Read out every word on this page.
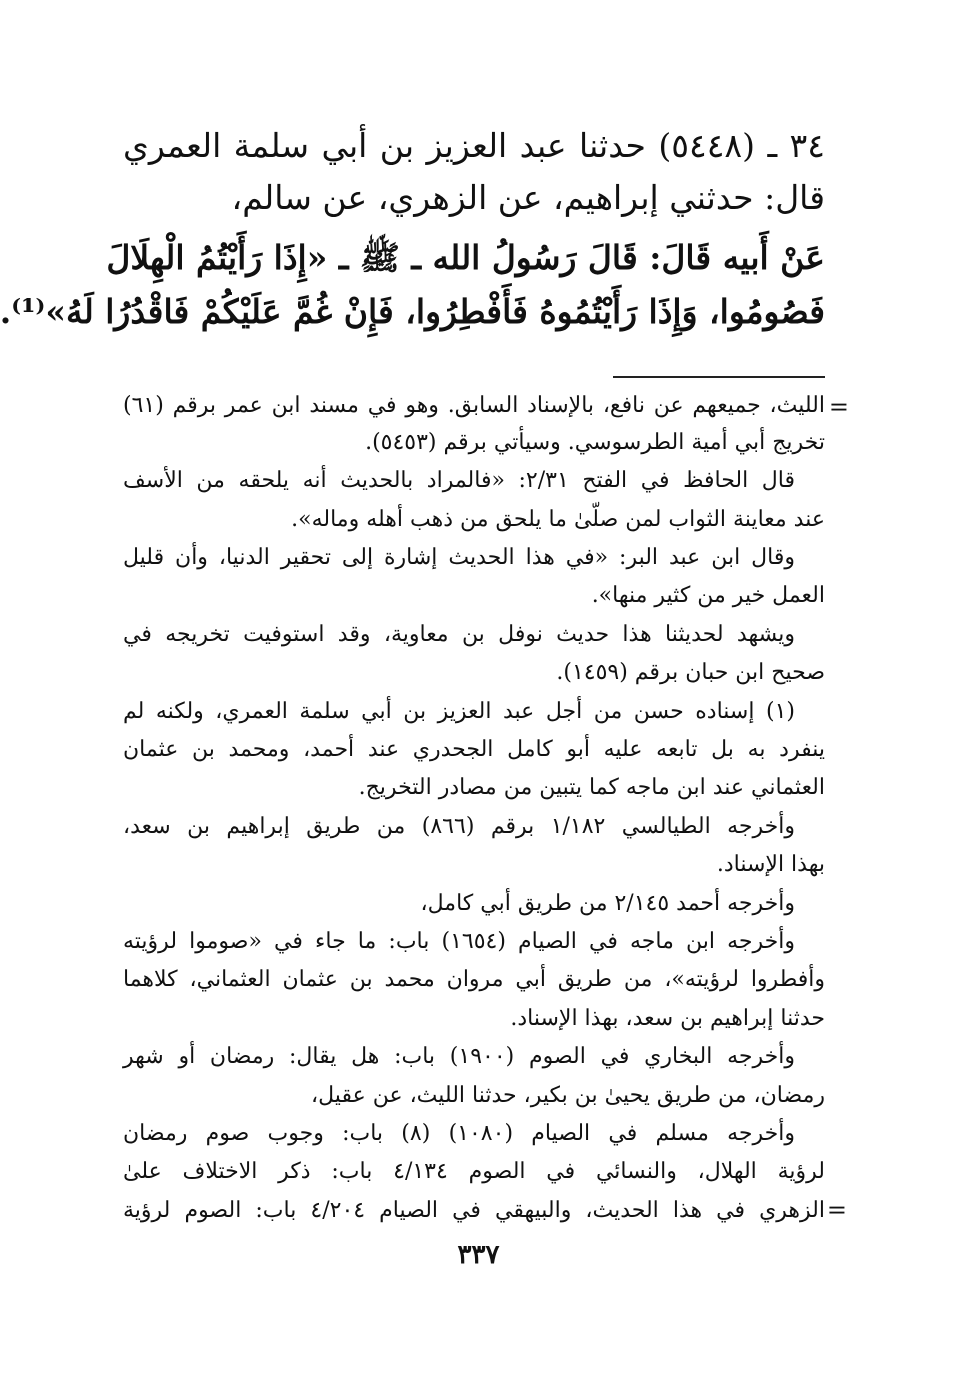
٣٤ ـ (٥٤٤٨) حدثنا عبد العزيز بن أبي سلمة العمري
قال: حدثني إبراهيم، عن الزهري، عن سالم،
عَنْ أَبيه قَالَ: قَالَ رَسُولُ الله ـ ﷺ ـ «إِذَا رَأَيْتُمُ الْهِلَالَ
فَصُومُوا، وَإِذَا رَأَيْتُمُوهُ فَأَفْطِرُوا، فَإِنْ غُمَّ عَلَيْكُمْ فَاقْدُرُا لَهُ»⁽¹⁾.
=
=
الليث، جميعهم عن نافع، بالإسناد السابق. وهو في مسند ابن عمر برقم (٦١)
تخريج أبي أمية الطرسوسي. وسيأتي برقم (٥٤٥٣).
قال الحافظ في الفتح ٢/٣١: «فالمراد بالحديث أنه يلحقه من الأسف
عند معاينة الثواب لمن صلّىٰ ما يلحق من ذهب أهله وماله».
وقال ابن عبد البر: «في هذا الحديث إشارة إلى تحقير الدنيا، وأن قليل
العمل خير من كثير منها».
ويشهد لحديثنا هذا حديث نوفل بن معاوية، وقد استوفيت تخريجه في
صحيح ابن حبان برقم (١٤٥٩).
(١) إسناده حسن من أجل عبد العزيز بن أبي سلمة العمري، ولكنه لم
ينفرد به بل تابعه عليه أبو كامل الجحدري عند أحمد، ومحمد بن عثمان
العثماني عند ابن ماجه كما يتبين من مصادر التخريج.
وأخرجه الطيالسي ١/١٨٢ برقم (٨٦٦) من طريق إبراهيم بن سعد،
بهذا الإسناد.
وأخرجه أحمد ٢/١٤٥ من طريق أبي كامل،
وأخرجه ابن ماجه في الصيام (١٦٥٤) باب: ما جاء في «صوموا لرؤيته
وأفطروا لرؤيته»، من طريق أبي مروان محمد بن عثمان العثماني، كلاهما
حدثنا إبراهيم بن سعد، بهذا الإسناد.
وأخرجه البخاري في الصوم (١٩٠٠) باب: هل يقال: رمضان أو شهر
رمضان، من طريق يحيىٰ بن بكير، حدثنا الليث، عن عقيل،
وأخرجه مسلم في الصيام (١٠٨٠) (٨) باب: وجوب صوم رمضان
لرؤية الهلال، والنسائي في الصوم ٤/١٣٤ باب: ذكر الاختلاف علىٰ
الزهري في هذا الحديث، والبيهقي في الصيام ٤/٢٠٤ باب: الصوم لرؤية
٣٣٧
